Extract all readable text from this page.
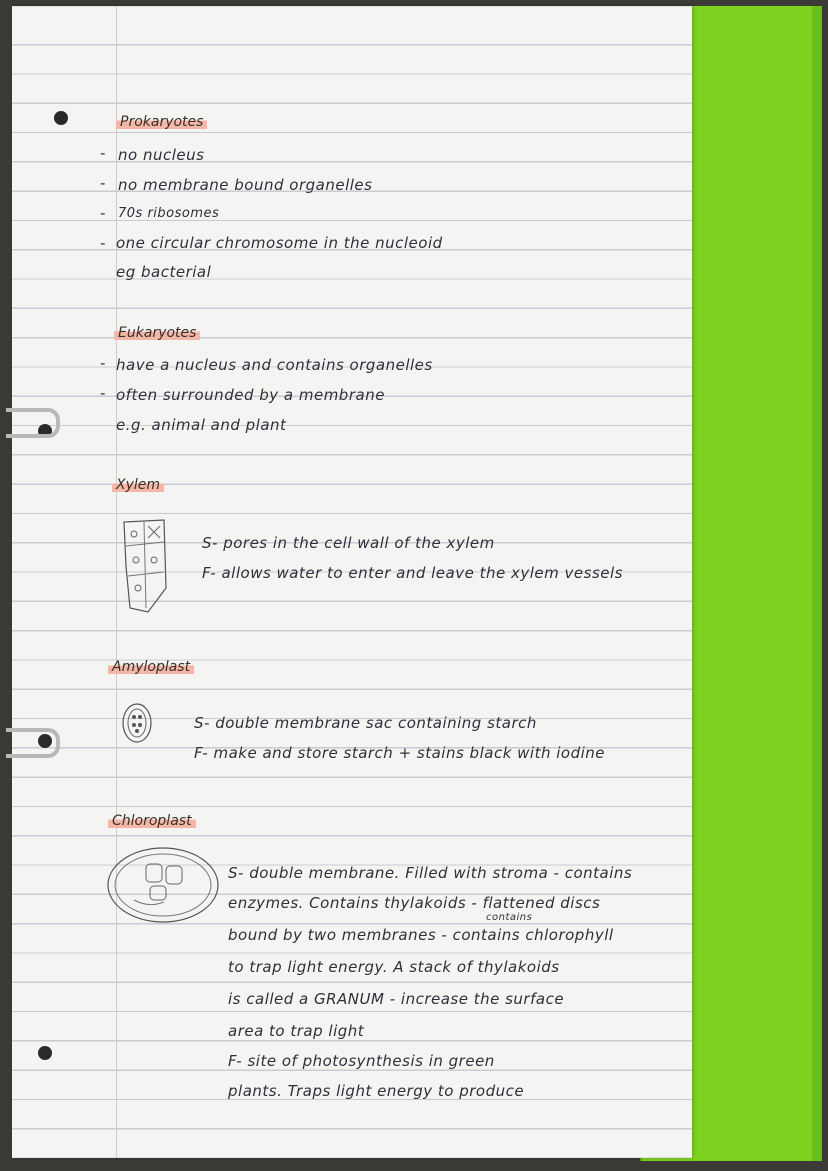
Prokaryotes
- no nucleus
- no membrane bound organelles
- 70s ribosomes
- one circular chromosome in the nucleoid
eg bacterial
Eukaryotes
- have a nucleus and contains organelles
- often surrounded by a membrane
e.g. animal and plant
Xylem
S- pores in the cell wall of the xylem
F- allows water to enter and leave the xylem vessels
Amyloplast
S- double membrane sac containing starch
F- make and store starch + stains black with iodine
Chloroplast
S- double membrane. Filled with stroma - contains
enzymes. Contains thylakoids - flattened discs
contains
bound by two membranes - contains chlorophyll
to trap light energy. A stack of thylakoids
is called a GRANUM - increase the surface
area to trap light
F- site of photosynthesis in green
plants. Traps light energy to produce
